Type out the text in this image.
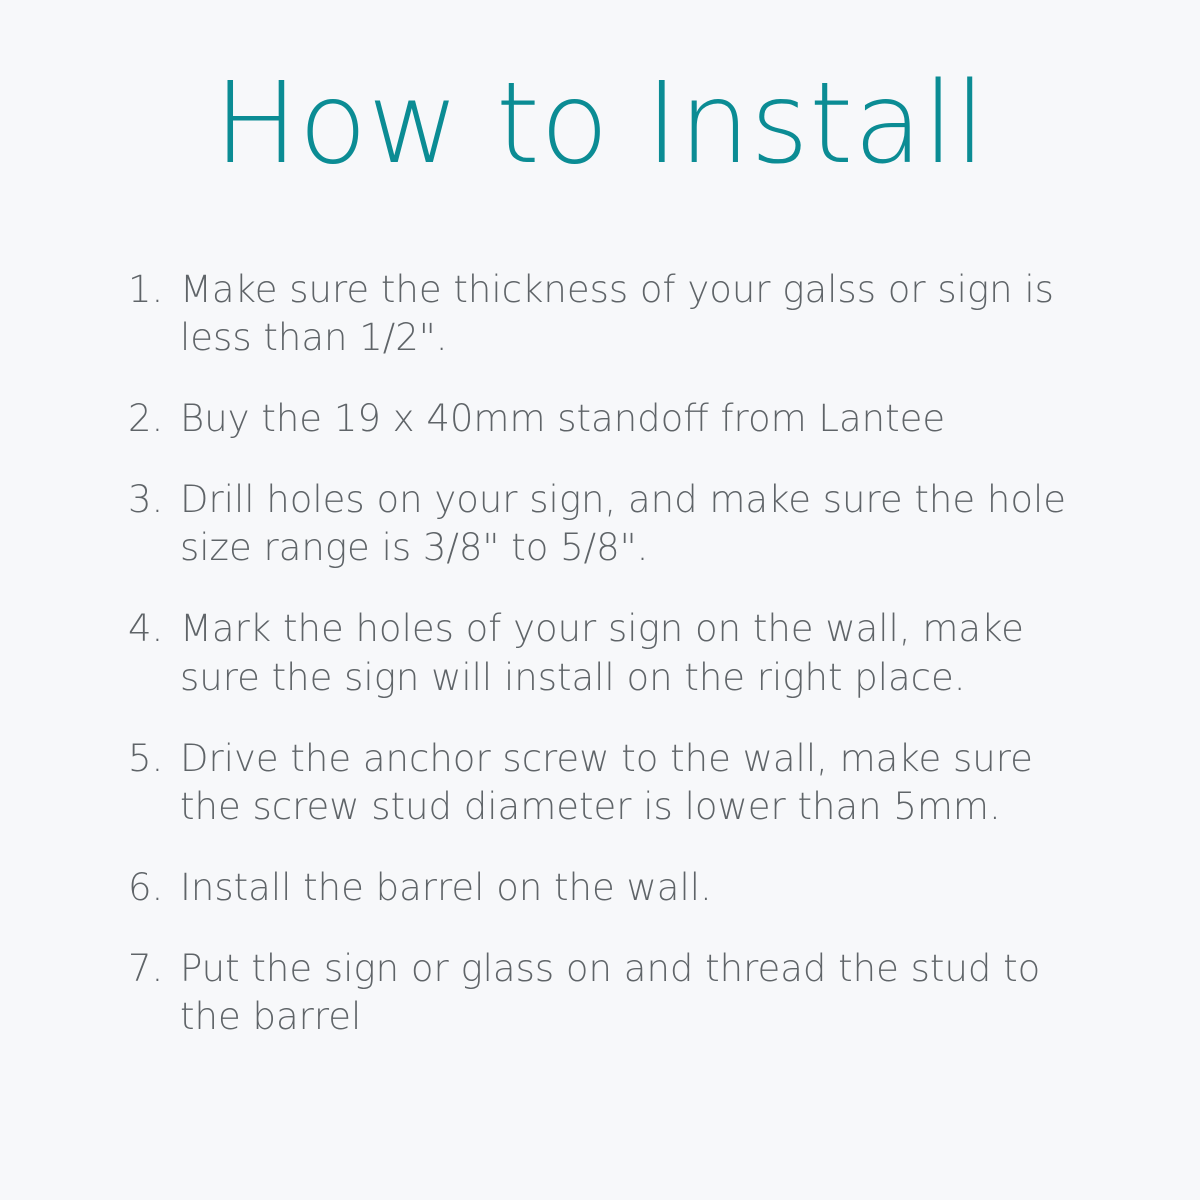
How to Install
1. Make sure the thickness of your galss or sign is less than 1/2".
2. Buy the 19 x 40mm standoff from Lantee
3. Drill holes on your sign, and make sure the hole size range is 3/8" to 5/8".
4. Mark the holes of your sign on the wall, make sure the sign will install on the right place.
5. Drive the anchor screw to the wall, make sure the screw stud diameter is lower than 5mm.
6. Install the barrel on the wall.
7. Put the sign or glass on and thread the stud to the barrel
